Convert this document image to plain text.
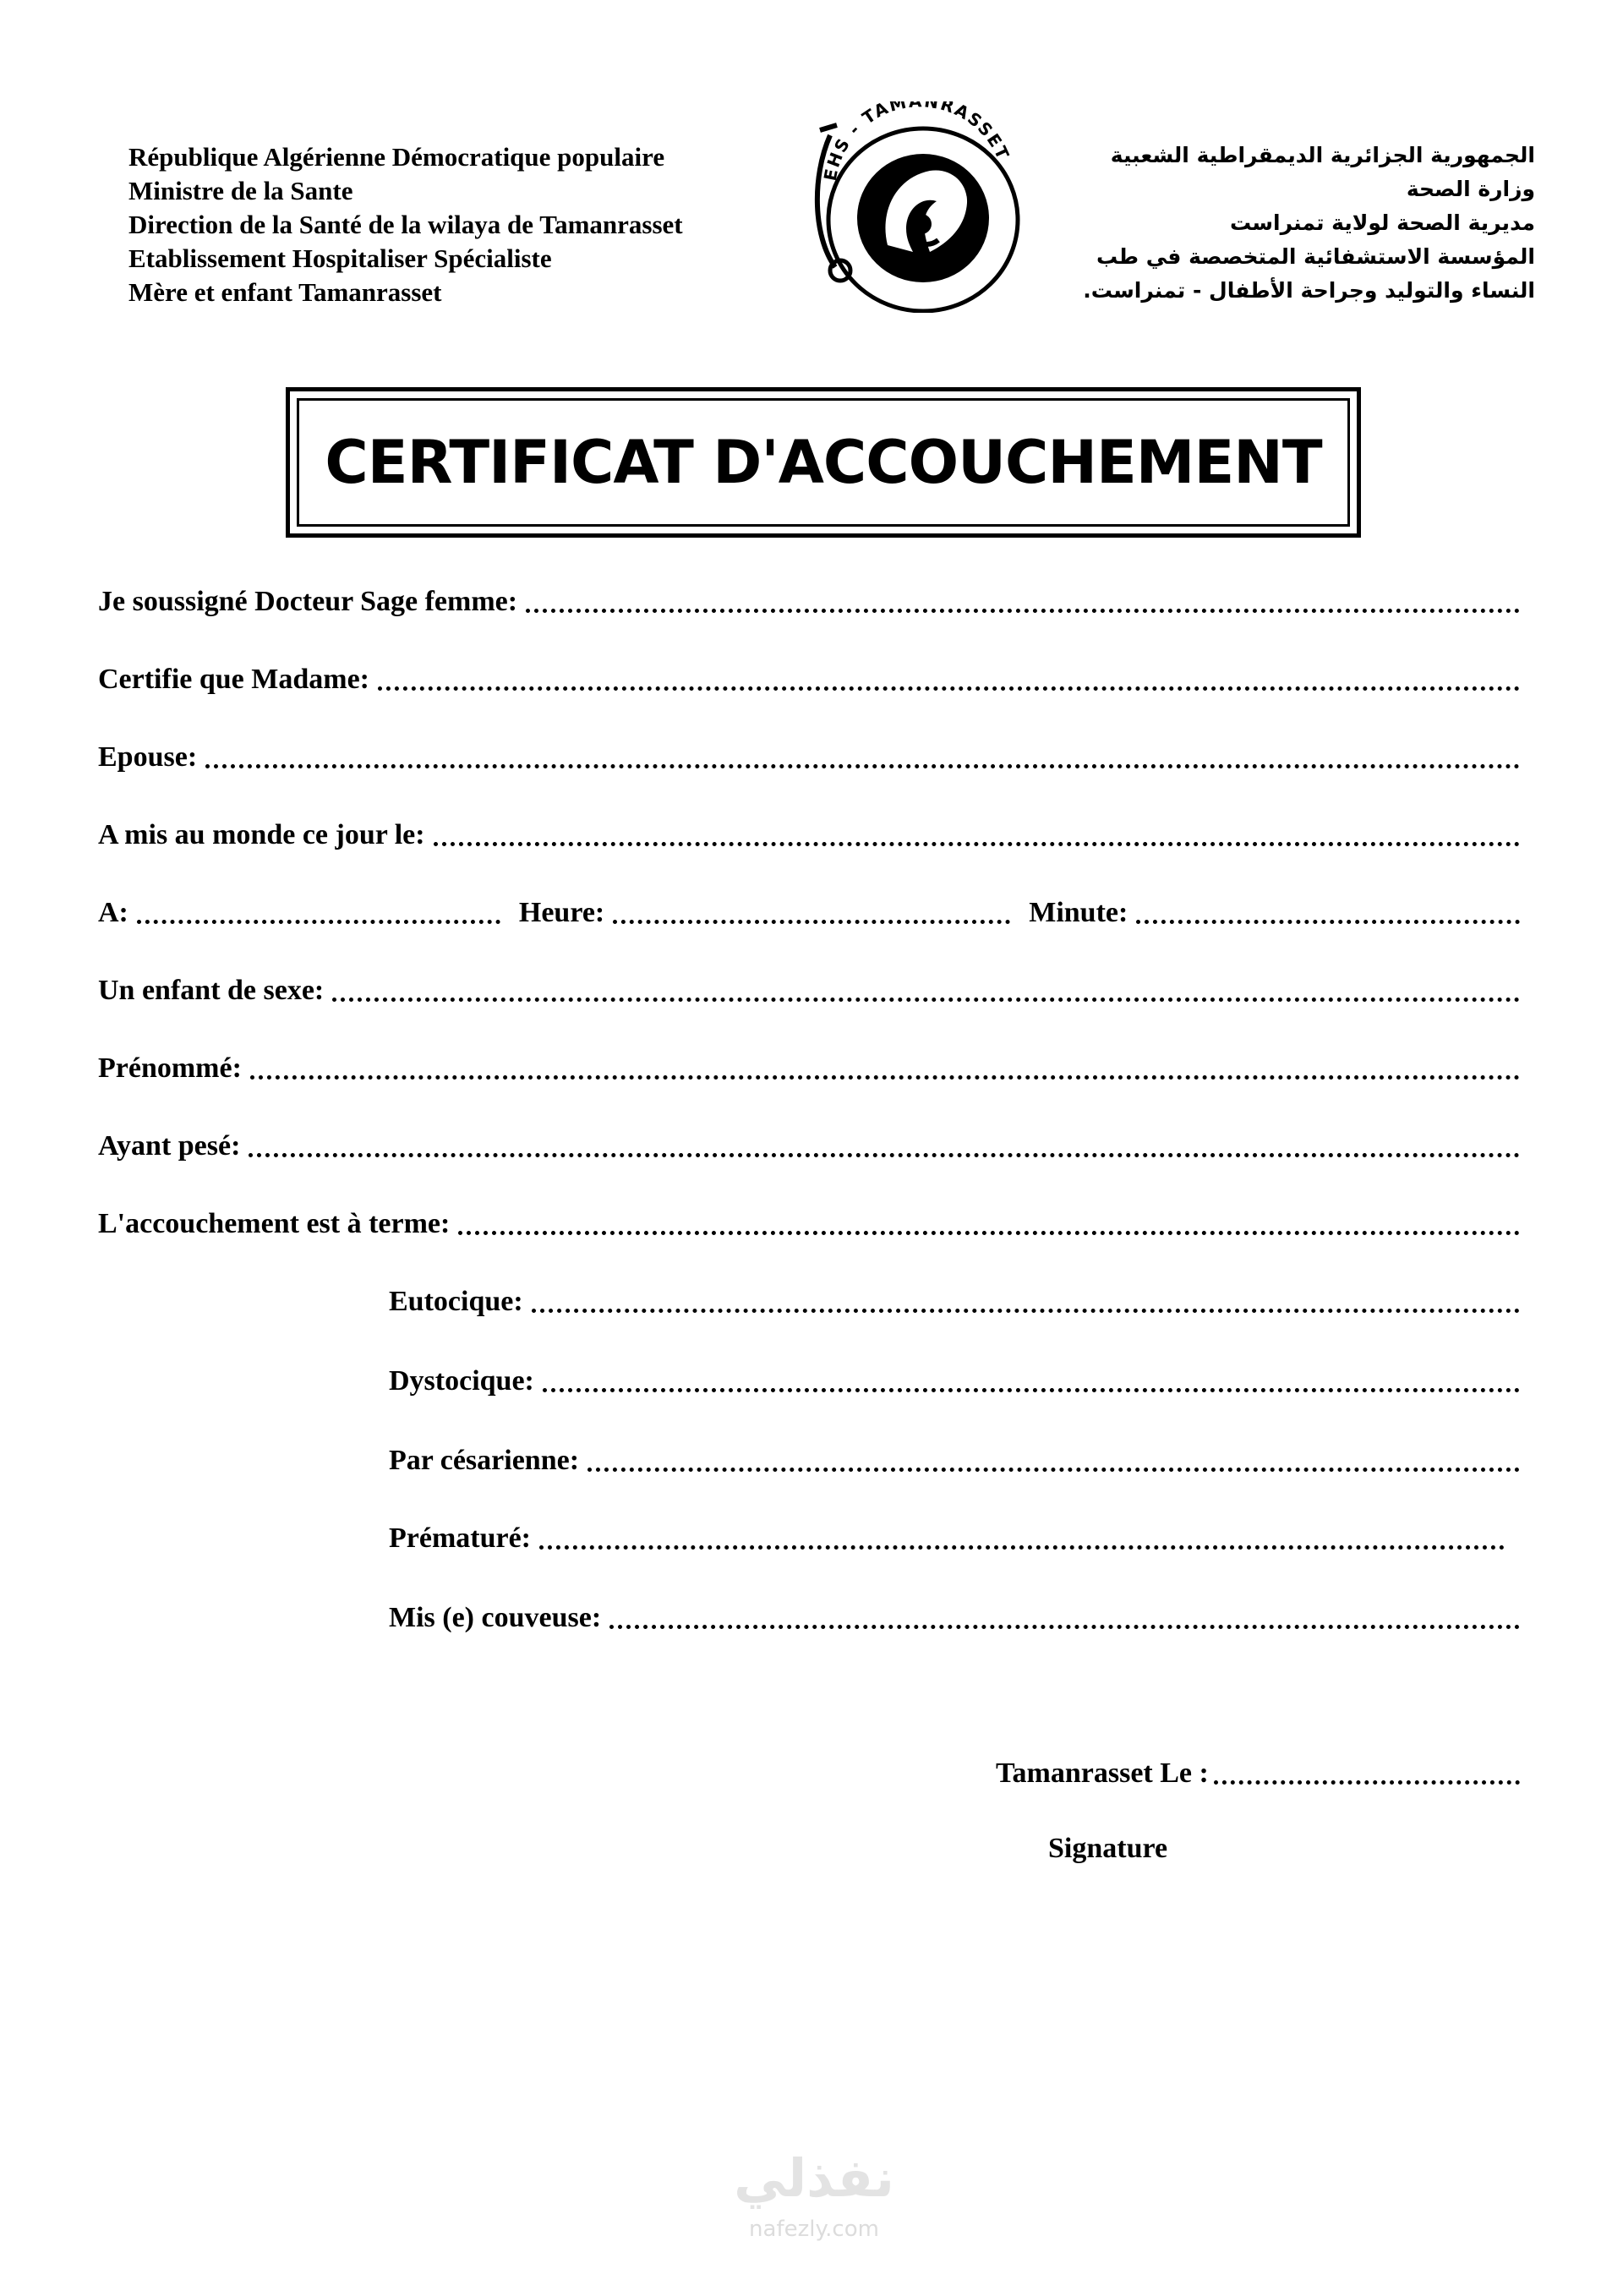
République Algérienne Démocratique populaire
Ministre de la Sante
Direction de la Santé de la wilaya de Tamanrasset
Etablissement Hospitaliser Spécialiste
Mère et enfant Tamanrasset
EHS - TAM NRASSET	الجمهورية الجزائرية الديمقراطية الشعبية
وزارة الصحة
مديرية الصحة لولاية تمنراست
المؤسسة الاستشفائية المتخصصة في طب
النساء والتوليد وجراحة الأطفال - تمنراست.
CERTIFICAT D'ACCOUCHEMENT
Je soussigné Docteur Sage femme:
Certifie que Madame:
Epouse:
A mis au monde ce jour le:
A:	Heure:	Minute:
Un enfant de sexe:
Prénommé:
Ayant pesé:
L'accouchement est à terme:
Eutocique:
Dystocique:
Par césarienne:
Prématuré:
Mis (e) couveuse:
Tamanrasset Le :
Signature
نفذلي
nafezly.com
